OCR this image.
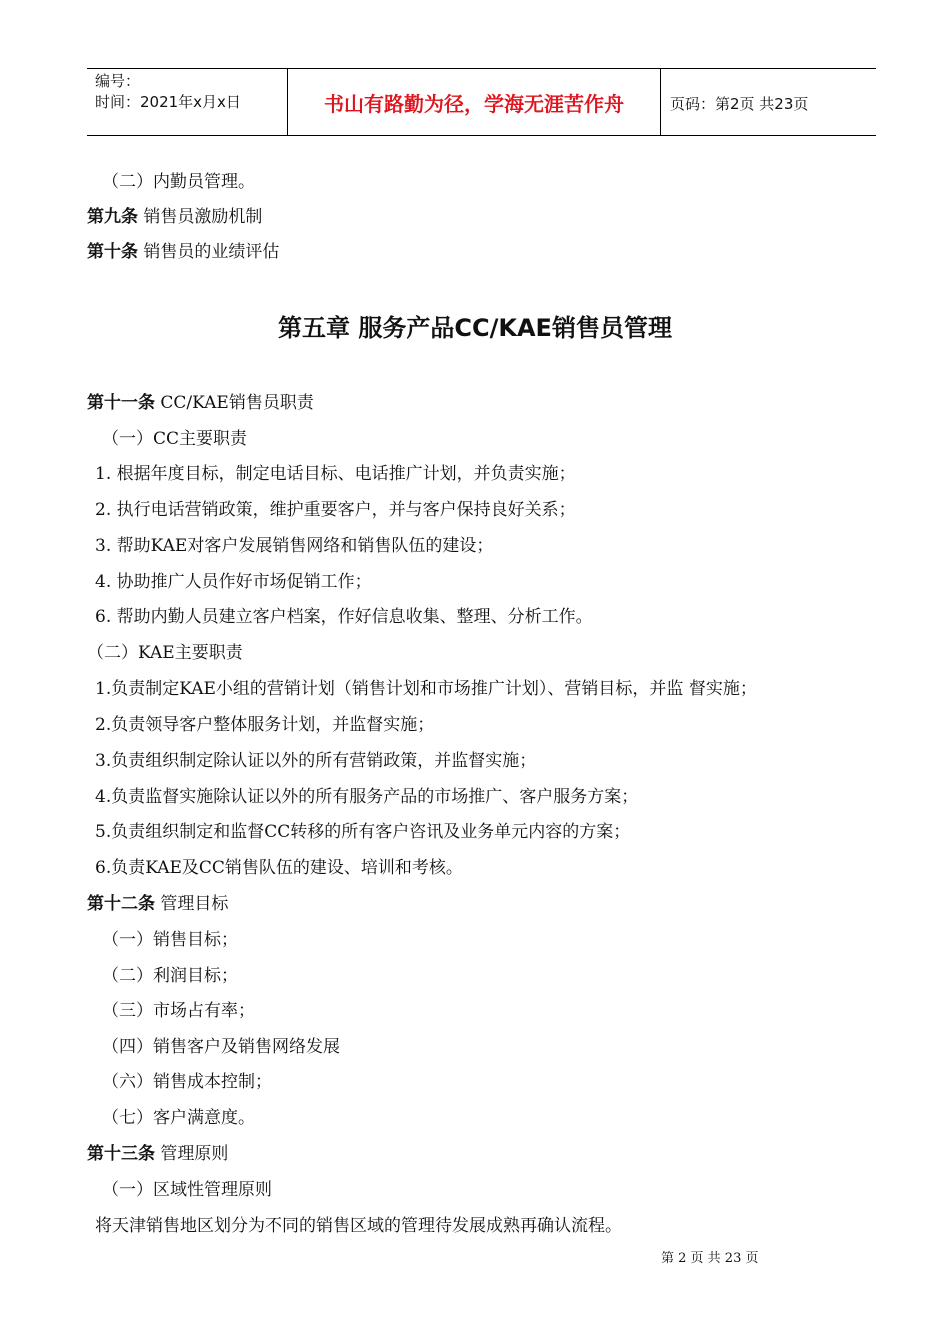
编号：
时间：2021年x月x日	书山有路勤为径，学海无涯苦作舟	页码：第2页 共23页
（二）内勤员管理。
第九条 销售员激励机制
第十条 销售员的业绩评估
第十一条 CC/KAE销售员职责
（一）CC主要职责
1. 根据年度目标，制定电话目标、电话推广计划，并负责实施；
2. 执行电话营销政策，维护重要客户，并与客户保持良好关系；
3. 帮助KAE对客户发展销售网络和销售队伍的建设；
4. 协助推广人员作好市场促销工作；
6. 帮助内勤人员建立客户档案，作好信息收集、整理、分析工作。
（二）KAE主要职责
1.负责制定KAE小组的营销计划（销售计划和市场推广计划）、营销目标，并监 督实施；
2.负责领导客户整体服务计划，并监督实施；
3.负责组织制定除认证以外的所有营销政策，并监督实施；
4.负责监督实施除认证以外的所有服务产品的市场推广、客户服务方案；
5.负责组织制定和监督CC转移的所有客户咨讯及业务单元内容的方案；
6.负责KAE及CC销售队伍的建设、培训和考核。
第十二条 管理目标
（一）销售目标；
（二）利润目标；
（三）市场占有率；
（四）销售客户及销售网络发展
（六）销售成本控制；
（七）客户满意度。
第十三条 管理原则
（一）区域性管理原则
将天津销售地区划分为不同的销售区域的管理待发展成熟再确认流程。
第五章 服务产品CC/KAE销售员管理
第 2 页 共 23 页
